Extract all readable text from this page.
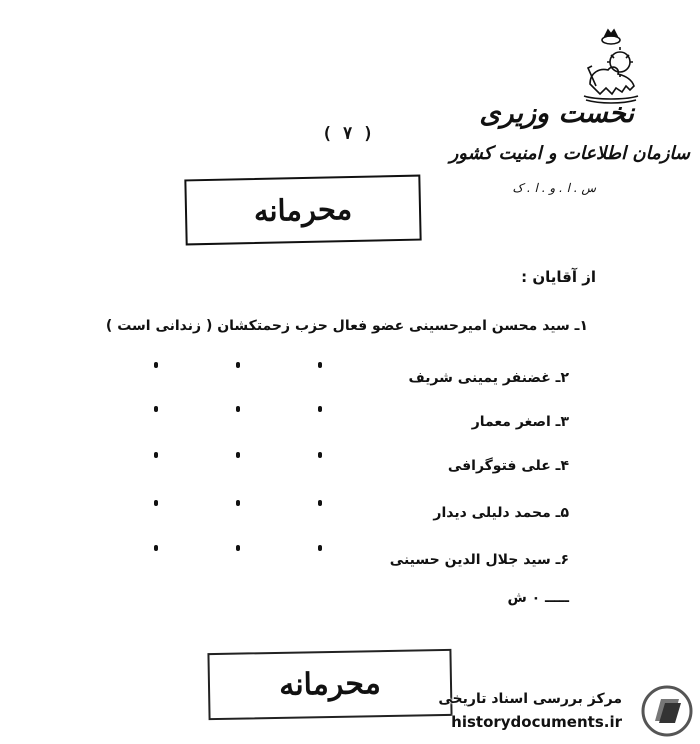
نخست وزیری
سازمان اطلاعات و امنیت کشور
س . ا . و . ا . ک
( ۷ )
محرمانه
از آقایان :
۱ـ سید محسن امیرحسینی عضو فعال حزب زحمتکشان ( زندانی است )
۲ـ غضنفر یمینی شریف
۳ـ اصغر معمار
۴ـ علی فتوگرافی
۵ـ محمد دلیلی دیدار
۶ـ سید جلال الدین حسینی
ـــــ ۰ ش
محرمانه	مرکز بررسی اسناد تاریخی
historydocuments.ir
